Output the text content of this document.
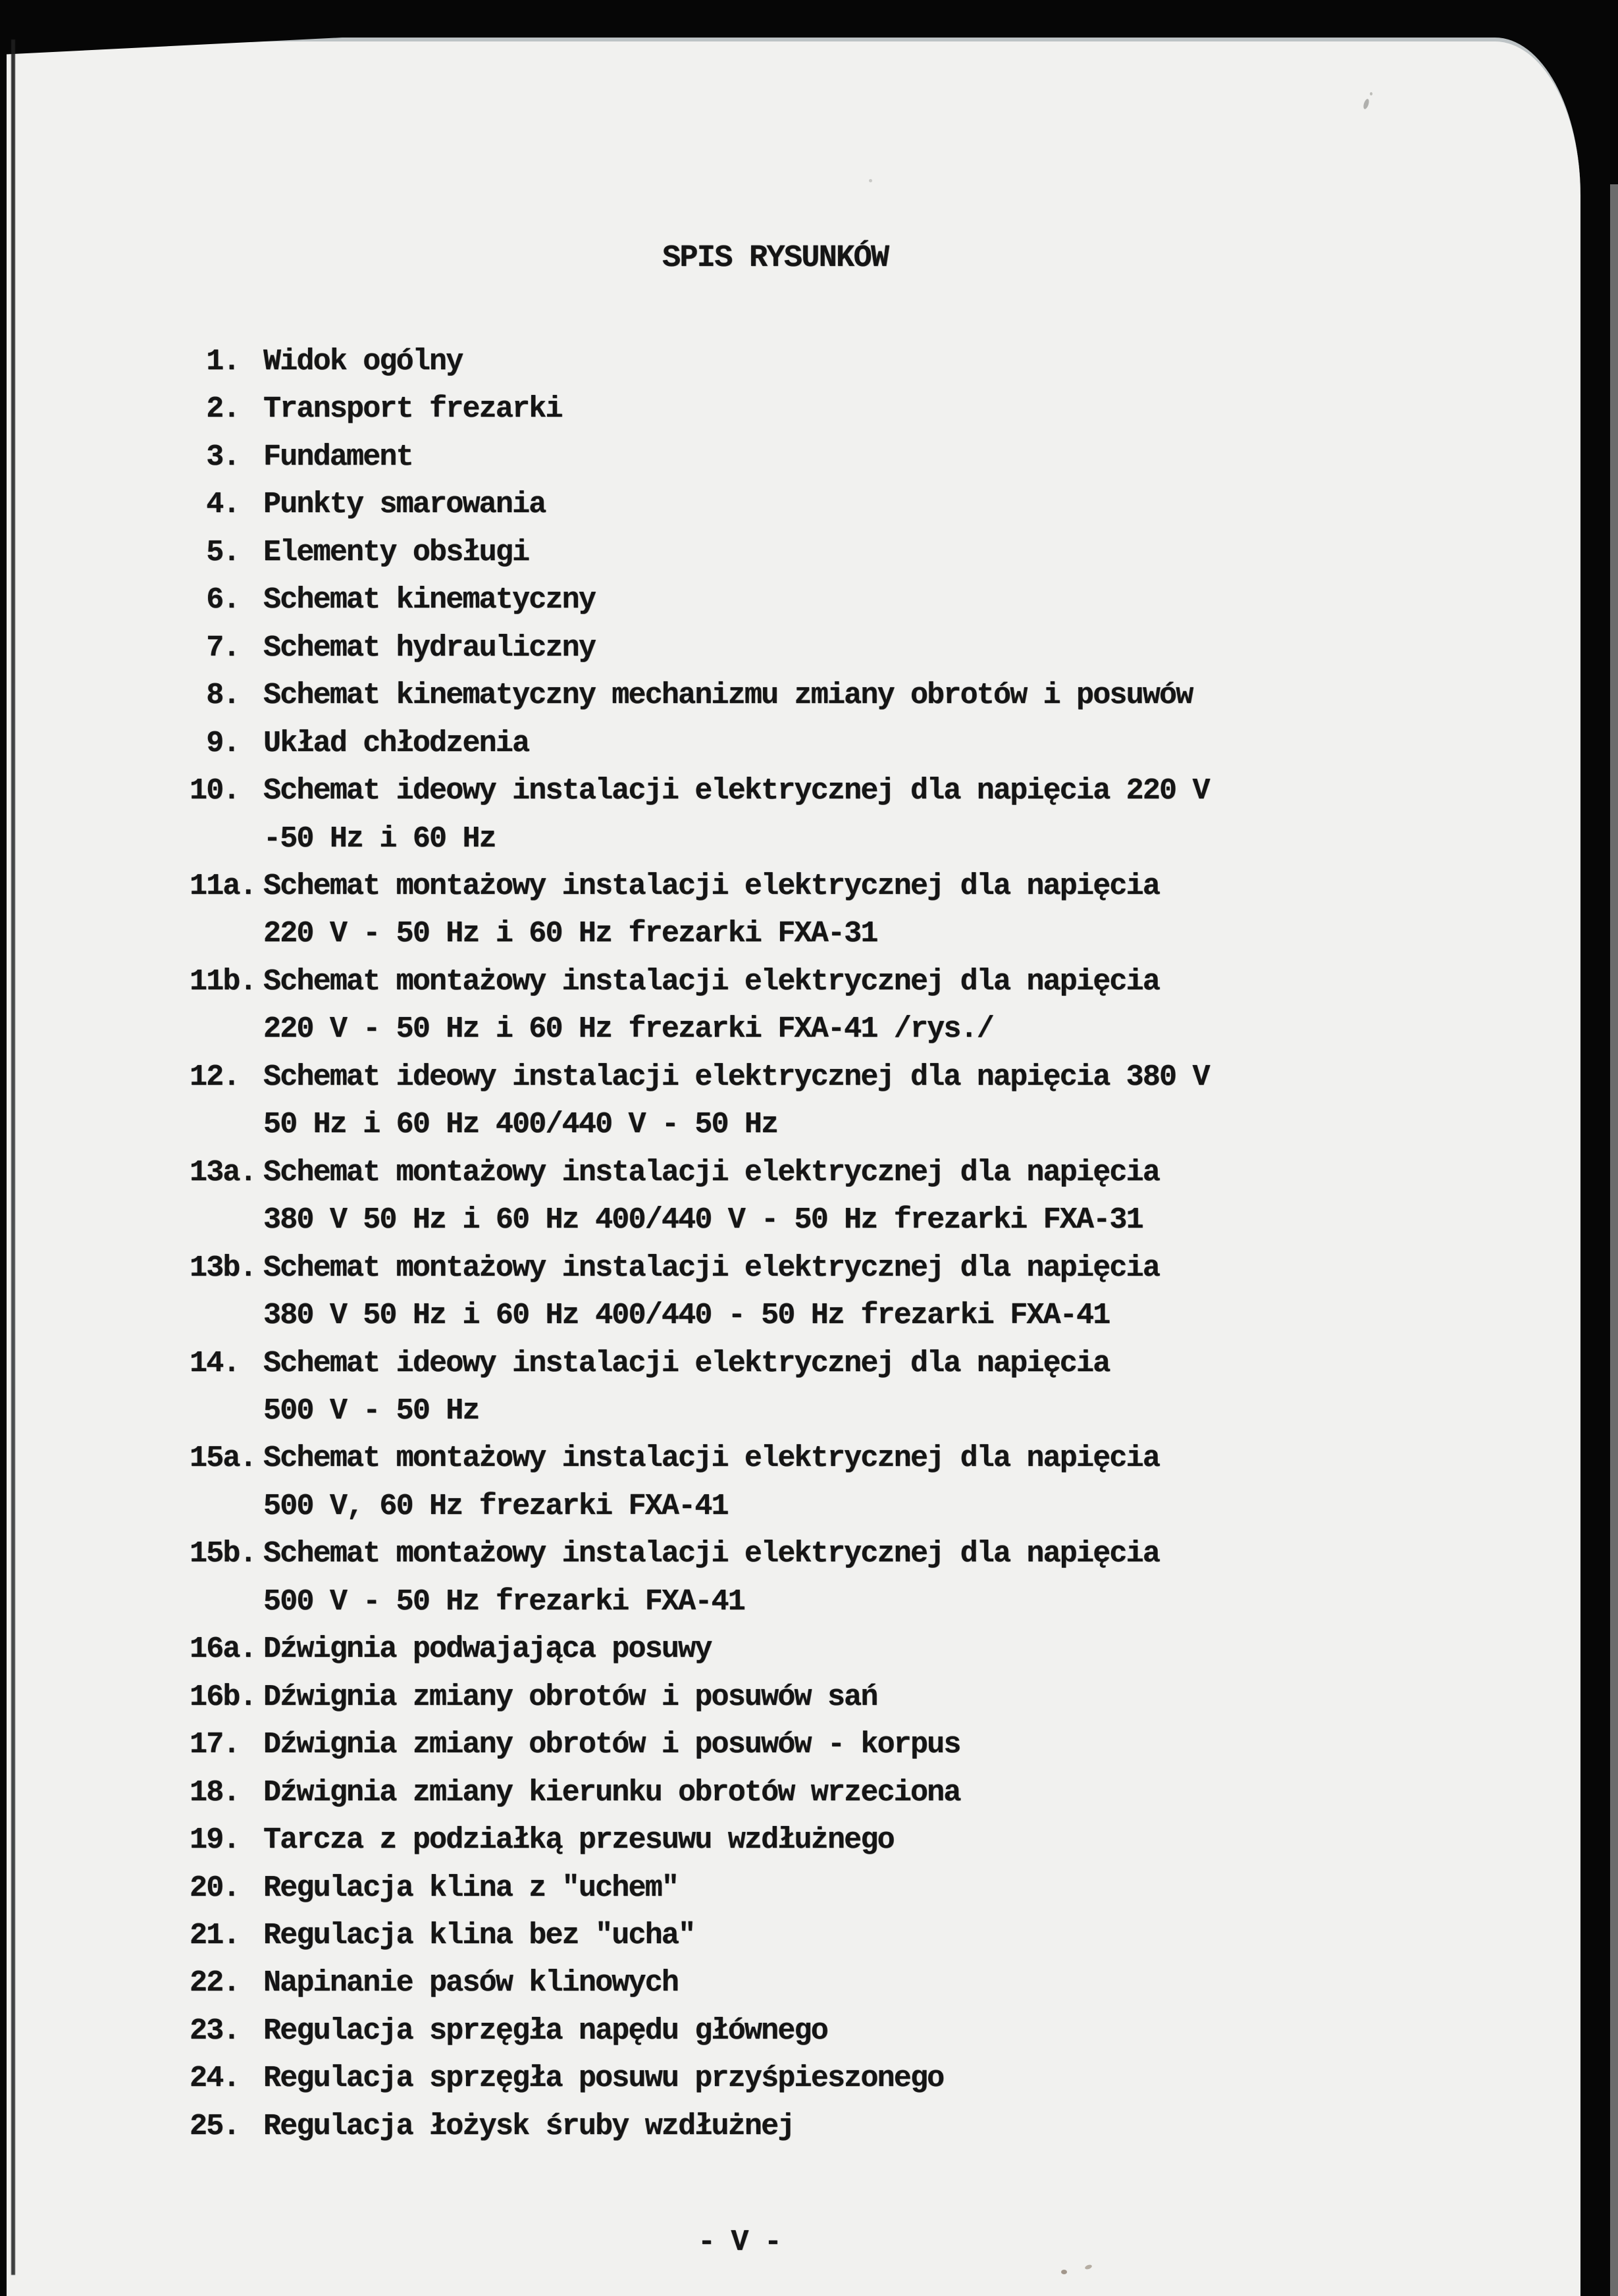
SPIS RYSUNKÓW
1. Widok ogólny
2. Transport frezarki
3. Fundament
4. Punkty smarowania
5. Elementy obsługi
6. Schemat kinematyczny
7. Schemat hydrauliczny
8. Schemat kinematyczny mechanizmu zmiany obrotów i posuwów
9. Układ chłodzenia
10. Schemat ideowy instalacji elektrycznej dla napięcia 220 V
-50 Hz i 60 Hz
11a. Schemat montażowy instalacji elektrycznej dla napięcia
220 V - 50 Hz i 60 Hz frezarki FXA-31
11b. Schemat montażowy instalacji elektrycznej dla napięcia
220 V - 50 Hz i 60 Hz frezarki FXA-41 /rys./
12. Schemat ideowy instalacji elektrycznej dla napięcia 380 V
50 Hz i 60 Hz 400/440 V - 50 Hz
13a. Schemat montażowy instalacji elektrycznej dla napięcia
380 V 50 Hz i 60 Hz 400/440 V - 50 Hz frezarki FXA-31
13b. Schemat montażowy instalacji elektrycznej dla napięcia
380 V 50 Hz i 60 Hz 400/440 - 50 Hz frezarki FXA-41
14. Schemat ideowy instalacji elektrycznej dla napięcia
500 V - 50 Hz
15a. Schemat montażowy instalacji elektrycznej dla napięcia
500 V, 60 Hz frezarki FXA-41
15b. Schemat montażowy instalacji elektrycznej dla napięcia
500 V - 50 Hz frezarki FXA-41
16a. Dźwignia podwajająca posuwy
16b. Dźwignia zmiany obrotów i posuwów sań
17. Dźwignia zmiany obrotów i posuwów - korpus
18. Dźwignia zmiany kierunku obrotów wrzeciona
19. Tarcza z podziałką przesuwu wzdłużnego
20. Regulacja klina z "uchem"
21. Regulacja klina bez "ucha"
22. Napinanie pasów klinowych
23. Regulacja sprzęgła napędu głównego
24. Regulacja sprzęgła posuwu przyśpieszonego
25. Regulacja łożysk śruby wzdłużnej
- V -
